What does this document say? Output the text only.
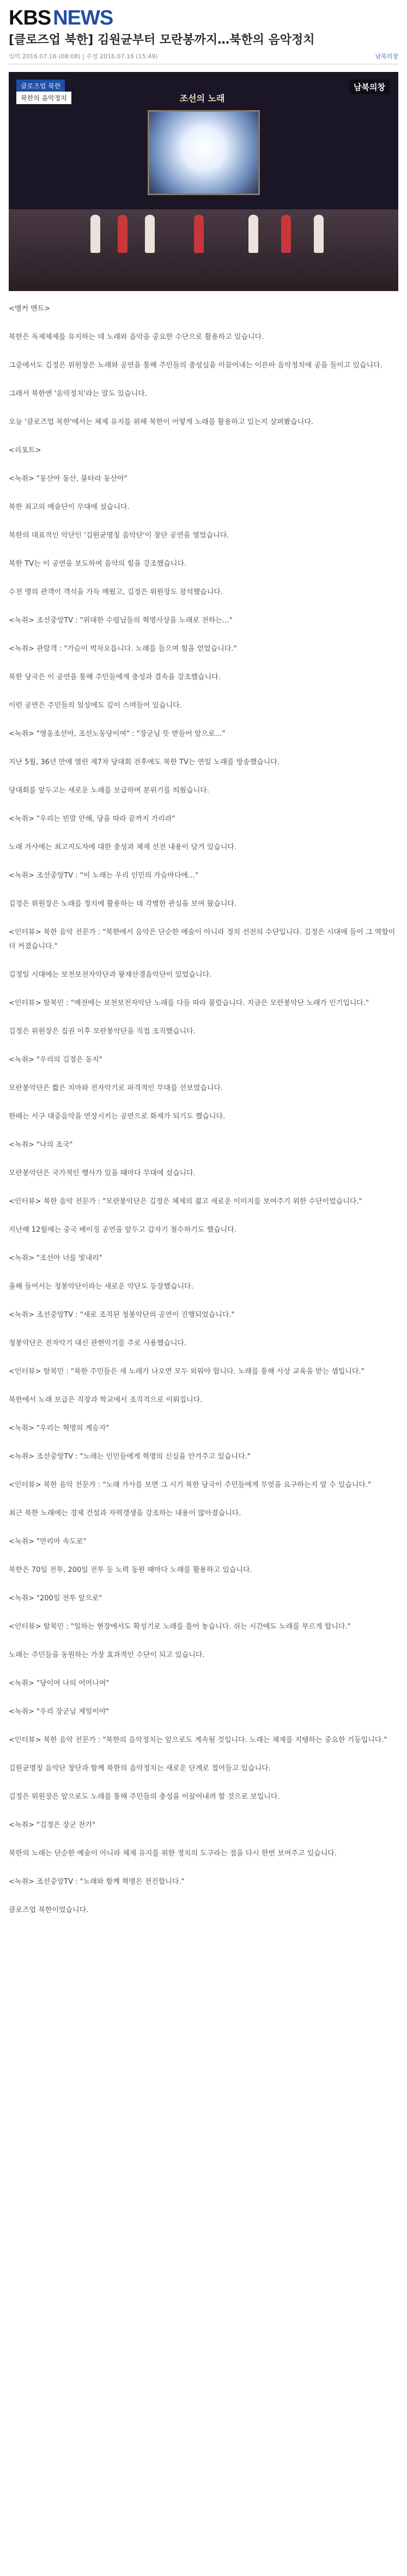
KBS NEWS
[클로즈업 북한] 김원균부터 모란봉까지…북한의 음악정치
입력 2016.07.16 (08:08) | 수정 2016.07.16 (15:49)	남북의창
조선의 노래
클로즈업 북한
북한의 음악정치
남북의창

<앵커 멘트>

북한은 독재체제를 유지하는 데 노래와 음악을 중요한 수단으로 활용하고 있습니다.

그중에서도 김정은 위원장은 노래와 공연을 통해 주민들의 충성심을 이끌어내는 이른바 음악정치에 공을 들이고 있습니다.

그래서 북한엔 '음악정치'라는 말도 있습니다.

오늘 '클로즈업 북한'에서는 체제 유지를 위해 북한이 어떻게 노래를 활용하고 있는지 살펴봤습니다.

<리포트>

<녹취> "동산아 동산, 불타라 동산아"

북한 최고의 예술단이 무대에 섰습니다.

북한의 대표적인 악단인 '김원균명칭 음악단'이 창단 공연을 열었습니다.

북한 TV는 이 공연을 보도하며 음악의 힘을 강조했습니다.

수천 명의 관객이 객석을 가득 메웠고, 김정은 위원장도 참석했습니다.

<녹취> 조선중앙TV : "위대한 수령님들의 혁명사상을 노래로 전하는…"

<녹취> 관람객 : "가슴이 벅차오릅니다. 노래를 들으며 힘을 얻었습니다."

북한 당국은 이 공연을 통해 주민들에게 충성과 결속을 강조했습니다.

이런 공연은 주민들의 일상에도 깊이 스며들어 있습니다.

<녹취> "영웅조선아, 조선노동당이여" : "장군님 뜻 받들어 앞으로…"

지난 5월, 36년 만에 열린 제7차 당대회 전후에도 북한 TV는 연일 노래를 방송했습니다.

당대회를 앞두고는 새로운 노래를 보급하며 분위기를 띄웠습니다.

<녹취> "우리는 빈말 안해, 당을 따라 끝까지 가리라"

노래 가사에는 최고지도자에 대한 충성과 체제 선전 내용이 담겨 있습니다.

<녹취> 조선중앙TV : "이 노래는 우리 인민의 가슴마다에…"

김정은 위원장은 노래를 정치에 활용하는 데 각별한 관심을 보여 왔습니다.

<인터뷰> 북한 음악 전문가 : "북한에서 음악은 단순한 예술이 아니라 정치 선전의 수단입니다. 김정은 시대에 들어 그 역할이 더 커졌습니다."

김정일 시대에는 보천보전자악단과 왕재산경음악단이 있었습니다.

<인터뷰> 탈북민 : "예전에는 보천보전자악단 노래를 다들 따라 불렀습니다. 지금은 모란봉악단 노래가 인기입니다."

김정은 위원장은 집권 이후 모란봉악단을 직접 조직했습니다.

<녹취> "우리의 김정은 동지"

모란봉악단은 짧은 치마와 전자악기로 파격적인 무대를 선보였습니다.

한때는 서구 대중음악을 연상시키는 공연으로 화제가 되기도 했습니다.

<녹취> "나의 조국"

모란봉악단은 국가적인 행사가 있을 때마다 무대에 섰습니다.

<인터뷰> 북한 음악 전문가 : "모란봉악단은 김정은 체제의 젊고 새로운 이미지를 보여주기 위한 수단이었습니다."

지난해 12월에는 중국 베이징 공연을 앞두고 갑자기 철수하기도 했습니다.

<녹취> "조선아 너를 빛내리"

올해 들어서는 청봉악단이라는 새로운 악단도 등장했습니다.

<녹취> 조선중앙TV : "새로 조직된 청봉악단의 공연이 진행되었습니다."

청봉악단은 전자악기 대신 관현악기를 주로 사용했습니다.

<인터뷰> 탈북민 : "북한 주민들은 새 노래가 나오면 모두 외워야 합니다. 노래를 통해 사상 교육을 받는 셈입니다."

북한에서 노래 보급은 직장과 학교에서 조직적으로 이뤄집니다.

<녹취> "우리는 혁명의 계승자"

<녹취> 조선중앙TV : "노래는 인민들에게 혁명의 신심을 안겨주고 있습니다."

<인터뷰> 북한 음악 전문가 : "노래 가사를 보면 그 시기 북한 당국이 주민들에게 무엇을 요구하는지 알 수 있습니다."

최근 북한 노래에는 경제 건설과 자력갱생을 강조하는 내용이 많아졌습니다.

<녹취> "만리마 속도로"

북한은 70일 전투, 200일 전투 등 노력 동원 때마다 노래를 활용하고 있습니다.

<녹취> "200일 전투 앞으로"

<인터뷰> 탈북민 : "일하는 현장에서도 확성기로 노래를 틀어 놓습니다. 쉬는 시간에도 노래를 부르게 합니다."

노래는 주민들을 동원하는 가장 효과적인 수단이 되고 있습니다.

<녹취> "당이여 나의 어머니여"

<녹취> "우리 장군님 제일이야"

<인터뷰> 북한 음악 전문가 : "북한의 음악정치는 앞으로도 계속될 것입니다. 노래는 체제를 지탱하는 중요한 기둥입니다."

김원균명칭 음악단 창단과 함께 북한의 음악정치는 새로운 단계로 접어들고 있습니다.

김정은 위원장은 앞으로도 노래를 통해 주민들의 충성을 이끌어내려 할 것으로 보입니다.

<녹취> "김정은 장군 찬가"

북한의 노래는 단순한 예술이 아니라 체제 유지를 위한 정치의 도구라는 점을 다시 한번 보여주고 있습니다.

<녹취> 조선중앙TV : "노래와 함께 혁명은 전진합니다."

클로즈업 북한이었습니다.
